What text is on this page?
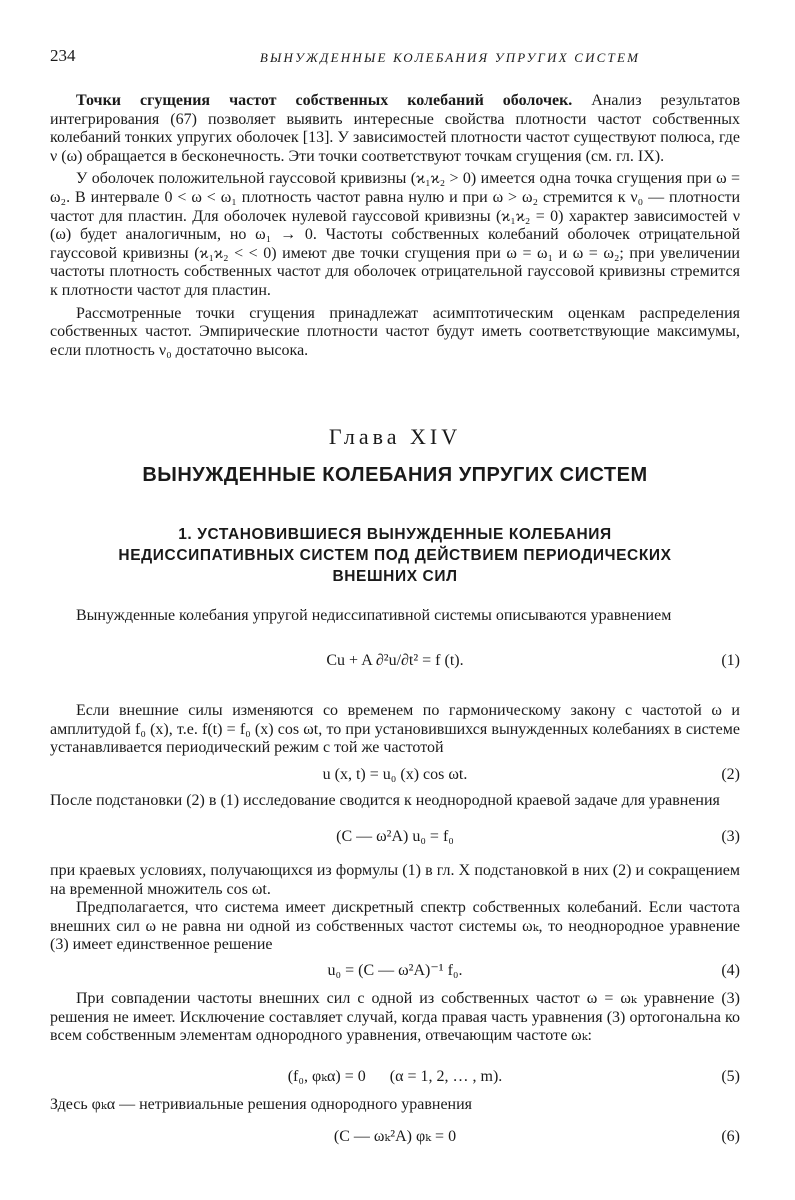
234	ВЫНУЖДЕННЫЕ КОЛЕБАНИЯ УПРУГИХ СИСТЕМ

Точки сгущения частот собственных колебаний оболочек. Анализ результатов интегрирования (67) позволяет выявить интересные свойства плотности частот собственных колебаний тонких упругих оболочек [13]. У зависимостей плотности частот существуют полюса, где ν (ω) обращается в бесконечность. Эти точки соответствуют точкам сгущения (см. гл. IX).

У оболочек положительной гауссовой кривизны (ϰ₁ϰ₂ > 0) имеется одна точка сгущения при ω = ω₂. В интервале 0 < ω < ω₁ плотность частот равна нулю и при ω > ω₂ стремится к ν₀ — плотности частот для пластин. Для оболочек нулевой гауссовой кривизны (ϰ₁ϰ₂ = 0) характер зависимостей ν (ω) будет аналогичным, но ω₁ → 0. Частоты собственных колебаний оболочек отрицательной гауссовой кривизны (ϰ₁ϰ₂ < < 0) имеют две точки сгущения при ω = ω₁ и ω = ω₂; при увеличении частоты плотность собственных частот для оболочек отрицательной гауссовой кривизны стремится к плотности частот для пластин.

Рассмотренные точки сгущения принадлежат асимптотическим оценкам распределения собственных частот. Эмпирические плотности частот будут иметь соответствующие максимумы, если плотность ν₀ достаточно высока.

Глава XIV
ВЫНУЖДЕННЫЕ КОЛЕБАНИЯ УПРУГИХ СИСТЕМ
1. УСТАНОВИВШИЕСЯ ВЫНУЖДЕННЫЕ КОЛЕБАНИЯ НЕДИССИПАТИВНЫХ СИСТЕМ ПОД ДЕЙСТВИЕМ ПЕРИОДИЧЕСКИХ ВНЕШНИХ СИЛ

Вынужденные колебания упругой недиссипативной системы описываются уравнением

Cu + A ∂²u/∂t² = f (t).	(1)

Если внешние силы изменяются со временем по гармоническому закону с частотой ω и амплитудой f₀ (x), т.е. f(t) = f₀ (x) cos ωt, то при установившихся вынужденных колебаниях в системе устанавливается периодический режим с той же частотой

u (x, t) = u₀ (x) cos ωt.	(2)

После подстановки (2) в (1) исследование сводится к неоднородной краевой задаче для уравнения

(C — ω²A) u₀ = f₀	(3)

при краевых условиях, получающихся из формулы (1) в гл. X подстановкой в них (2) и сокращением на временной множитель cos ωt.

Предполагается, что система имеет дискретный спектр собственных колебаний. Если частота внешних сил ω не равна ни одной из собственных частот системы ωₖ, то неоднородное уравнение (3) имеет единственное решение

u₀ = (C — ω²A)⁻¹ f₀.	(4)

При совпадении частоты внешних сил с одной из собственных частот ω = ωₖ уравнение (3) решения не имеет. Исключение составляет случай, когда правая часть уравнения (3) ортогональна ко всем собственным элементам однородного уравнения, отвечающим частоте ωₖ:

(f₀, φₖα) = 0      (α = 1, 2, … , m).	(5)

Здесь φₖα — нетривиальные решения однородного уравнения

(C — ωₖ²A) φₖ = 0	(6)
